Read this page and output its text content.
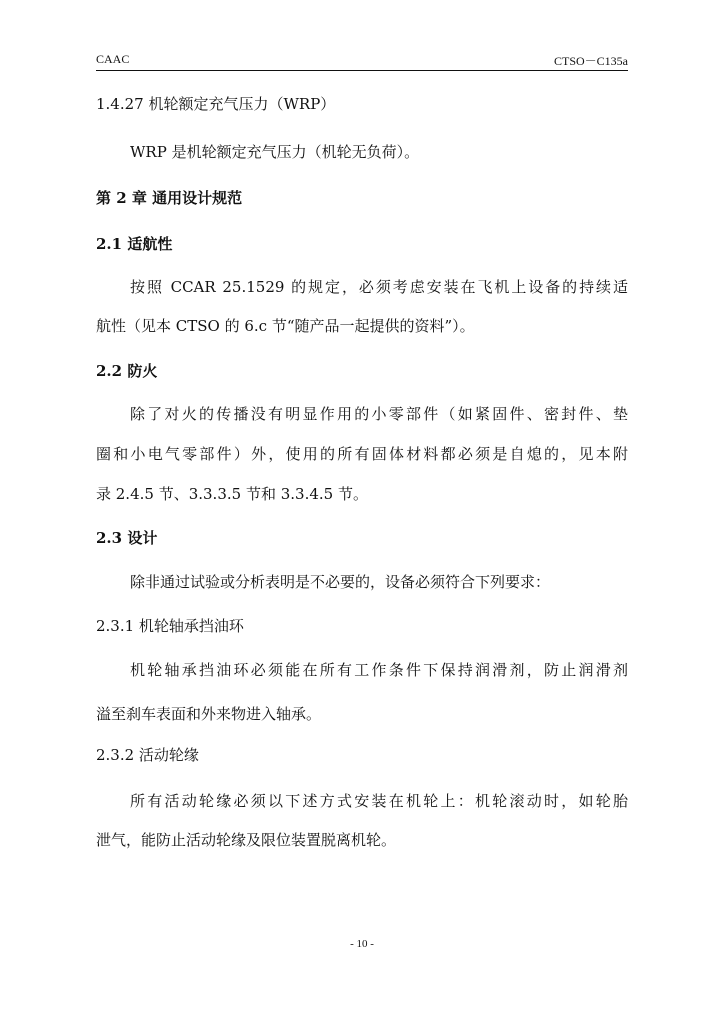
CAAC	CTSO－C135a
1.4.27 机轮额定充气压力（WRP）
WRP 是机轮额定充气压力（机轮无负荷）。
第 2 章 通用设计规范
2.1 适航性
按照 CCAR 25.1529 的规定，必须考虑安装在飞机上设备的持续适
航性（见本 CTSO 的 6.c 节“随产品一起提供的资料”）。
2.2 防火
除了对火的传播没有明显作用的小零部件（如紧固件、密封件、垫
圈和小电气零部件）外，使用的所有固体材料都必须是自熄的，见本附
录 2.4.5 节、3.3.3.5 节和 3.3.4.5 节。
2.3 设计
除非通过试验或分析表明是不必要的，设备必须符合下列要求：
2.3.1 机轮轴承挡油环
机轮轴承挡油环必须能在所有工作条件下保持润滑剂，防止润滑剂
溢至刹车表面和外来物进入轴承。
2.3.2 活动轮缘
所有活动轮缘必须以下述方式安装在机轮上：机轮滚动时，如轮胎
泄气，能防止活动轮缘及限位装置脱离机轮。
- 10 -
